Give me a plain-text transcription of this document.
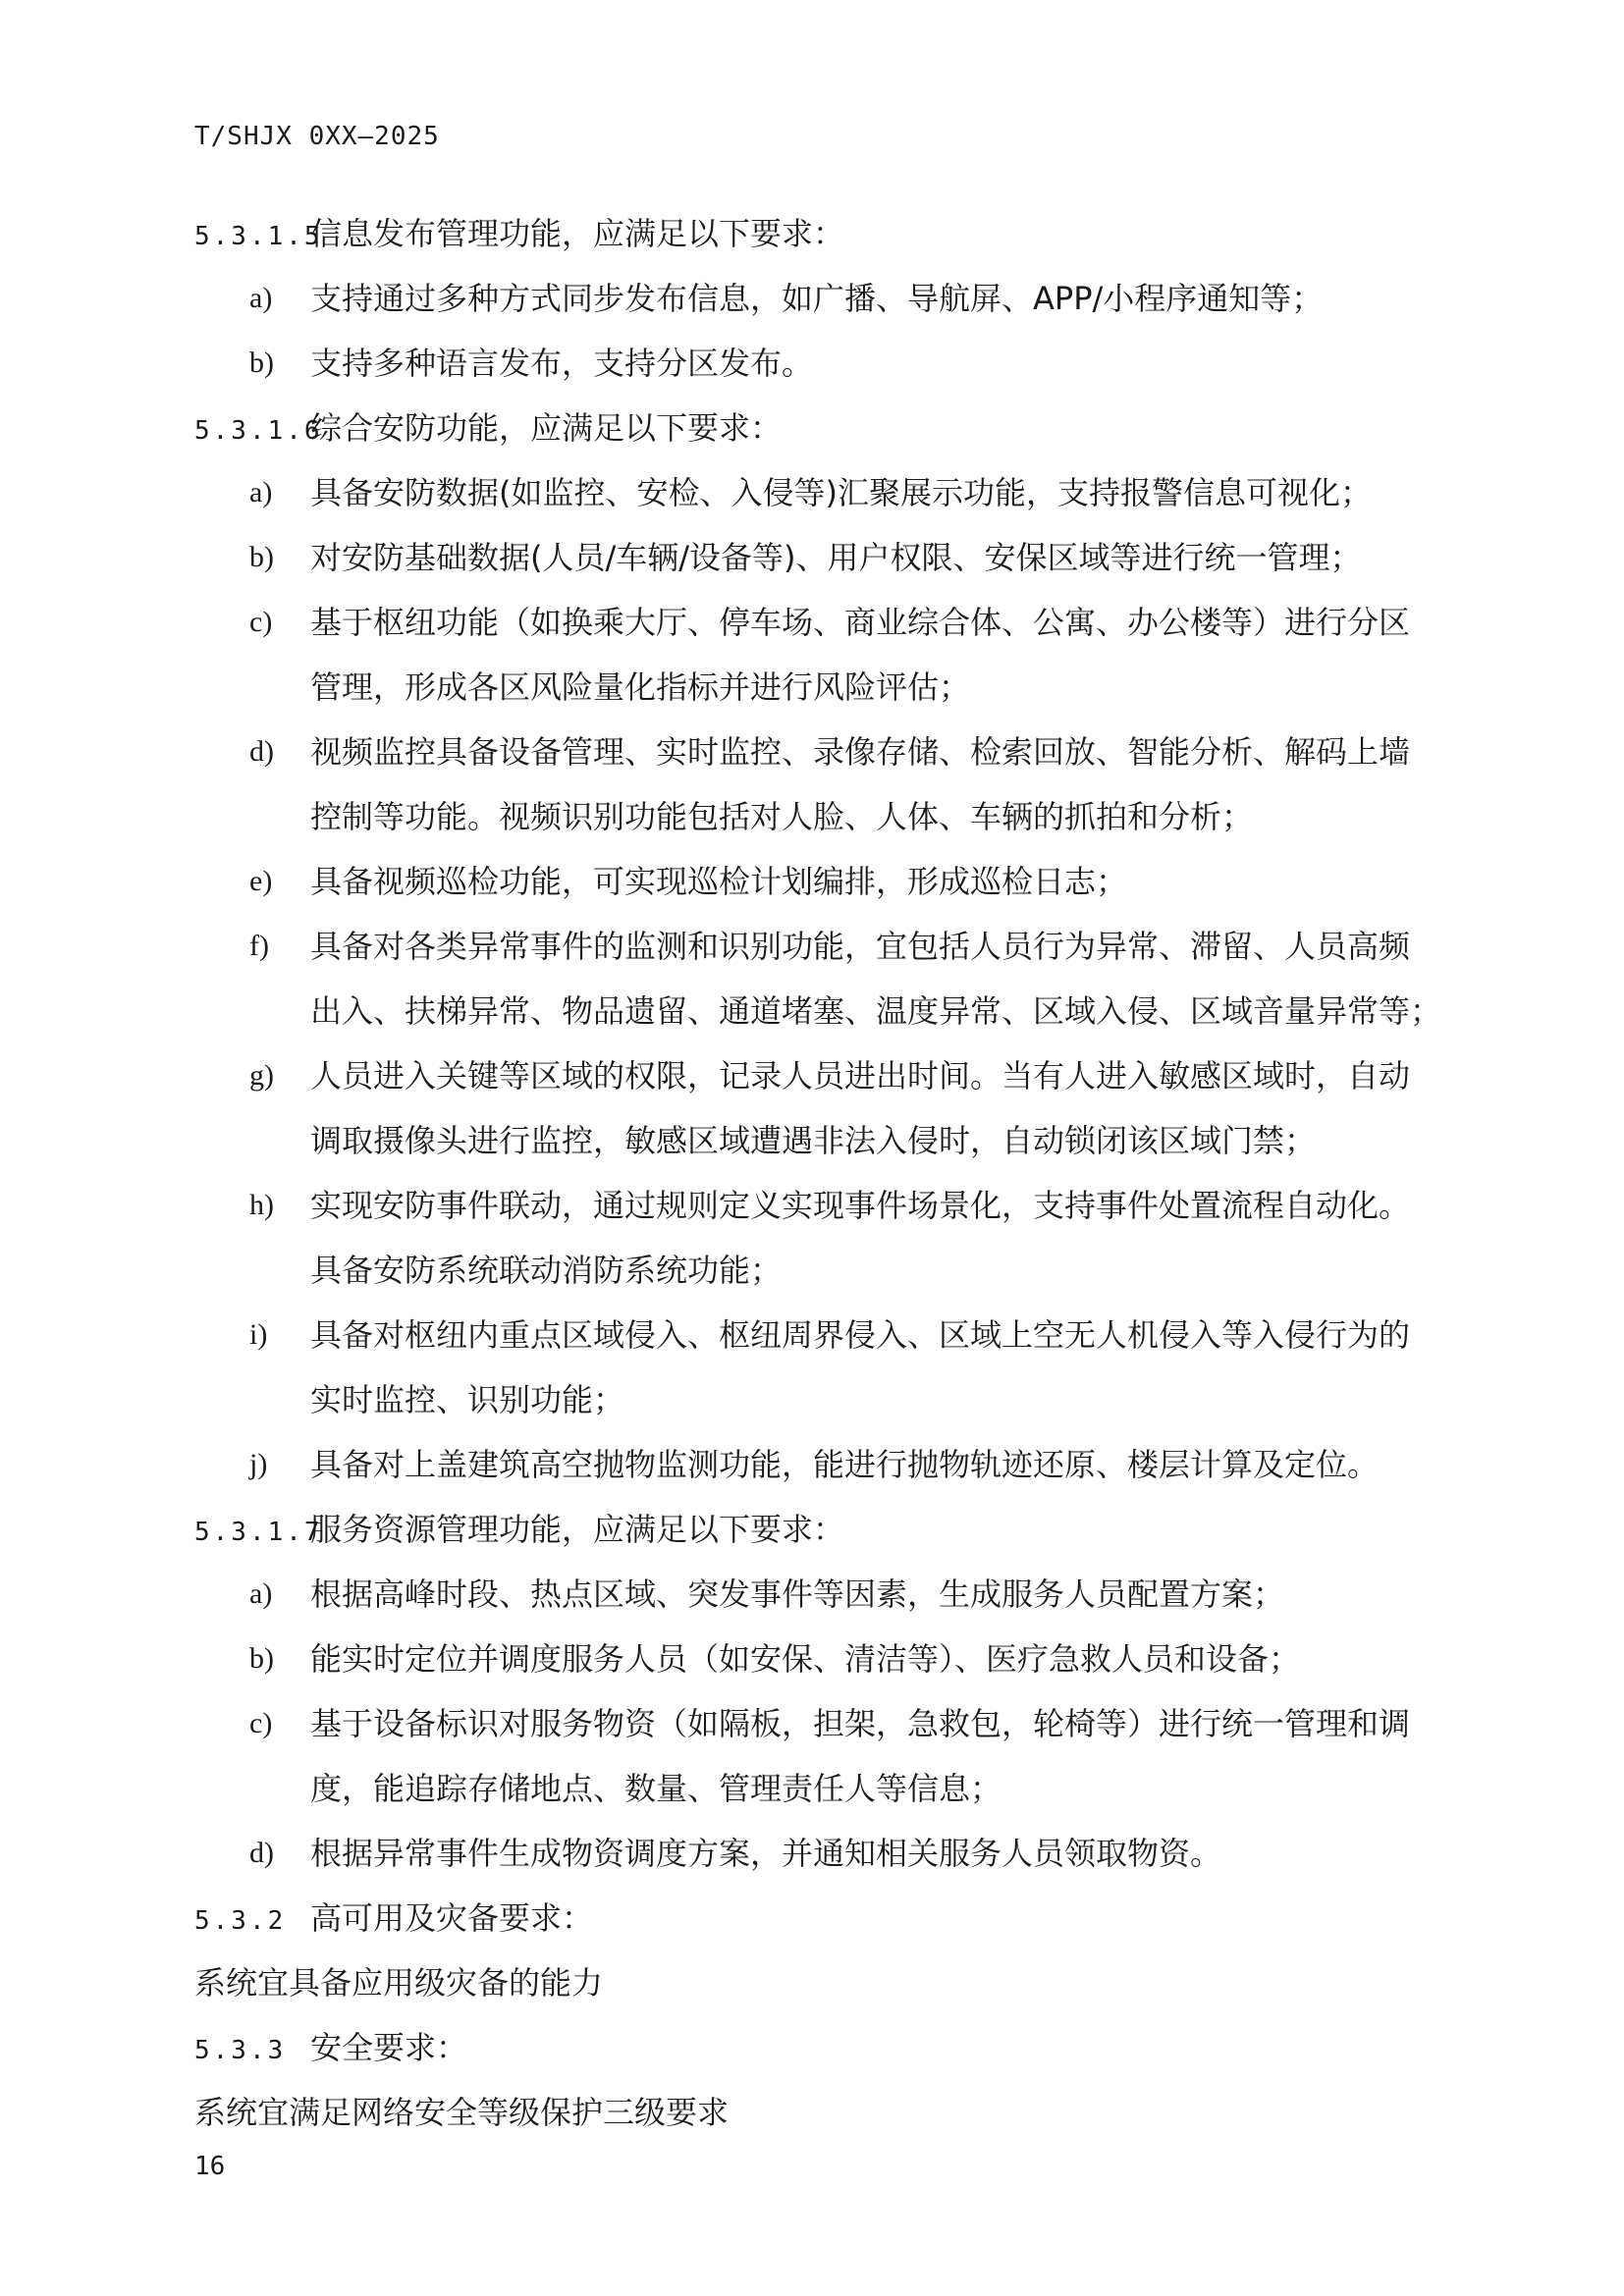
T/SHJX 0XX—2025
5.3.1.5信息发布管理功能，应满足以下要求：
a) 支持通过多种方式同步发布信息，如广播、导航屏、APP/小程序通知等；
b) 支持多种语言发布，支持分区发布。
5.3.1.6综合安防功能，应满足以下要求：
a) 具备安防数据(如监控、安检、入侵等)汇聚展示功能，支持报警信息可视化；
b) 对安防基础数据(人员/车辆/设备等)、用户权限、安保区域等进行统一管理；
c) 基于枢纽功能（如换乘大厅、停车场、商业综合体、公寓、办公楼等）进行分区
管理，形成各区风险量化指标并进行风险评估；
d) 视频监控具备设备管理、实时监控、录像存储、检索回放、智能分析、解码上墙
控制等功能。视频识别功能包括对人脸、人体、车辆的抓拍和分析；
e) 具备视频巡检功能，可实现巡检计划编排，形成巡检日志；
f) 具备对各类异常事件的监测和识别功能，宜包括人员行为异常、滞留、人员高频
出入、扶梯异常、物品遗留、通道堵塞、温度异常、区域入侵、区域音量异常等；
g) 人员进入关键等区域的权限，记录人员进出时间。当有人进入敏感区域时，自动
调取摄像头进行监控，敏感区域遭遇非法入侵时，自动锁闭该区域门禁；
h) 实现安防事件联动，通过规则定义实现事件场景化，支持事件处置流程自动化。
具备安防系统联动消防系统功能；
i) 具备对枢纽内重点区域侵入、枢纽周界侵入、区域上空无人机侵入等入侵行为的
实时监控、识别功能；
j) 具备对上盖建筑高空抛物监测功能，能进行抛物轨迹还原、楼层计算及定位。
5.3.1.7服务资源管理功能，应满足以下要求：
a) 根据高峰时段、热点区域、突发事件等因素，生成服务人员配置方案；
b) 能实时定位并调度服务人员（如安保、清洁等）、医疗急救人员和设备；
c) 基于设备标识对服务物资（如隔板，担架，急救包，轮椅等）进行统一管理和调
度，能追踪存储地点、数量、管理责任人等信息；
d) 根据异常事件生成物资调度方案，并通知相关服务人员领取物资。
5.3.2 高可用及灾备要求：
系统宜具备应用级灾备的能力
5.3.3 安全要求：
系统宜满足网络安全等级保护三级要求
16
